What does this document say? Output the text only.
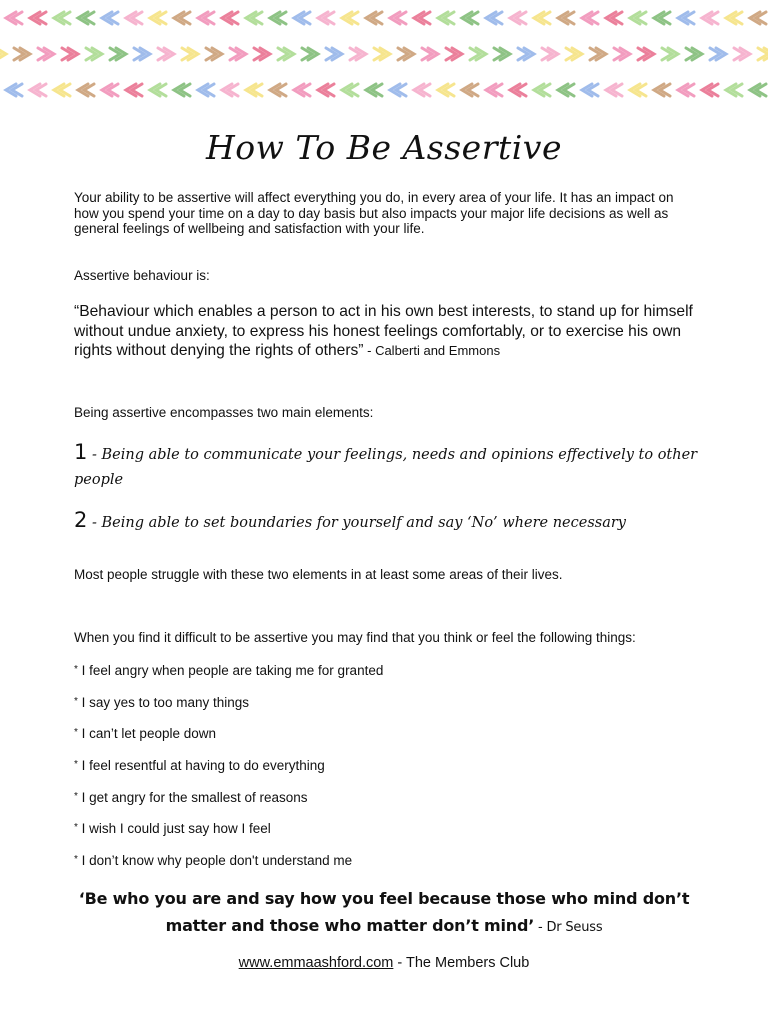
How To Be Assertive
Your ability to be assertive will affect everything you do, in every area of your life. It has an impact on how you spend your time on a day to day basis but also impacts your major life decisions as well as general feelings of wellbeing and satisfaction with your life.
Assertive behaviour is:
“Behaviour which enables a person to act in his own best interests, to stand up for himself without undue anxiety, to express his honest feelings comfortably, or to exercise his own rights without denying the rights of others” - Calberti and Emmons
Being assertive encompasses two main elements:
1 - Being able to communicate your feelings, needs and opinions effectively to other people
2 - Being able to set boundaries for yourself and say ‘No’ where necessary
Most people struggle with these two elements in at least some areas of their lives.
When you find it difficult to be assertive you may find that you think or feel the following things:
* I feel angry when people are taking me for granted
* I say yes to too many things
* I can’t let people down
* I feel resentful at having to do everything
* I get angry for the smallest of reasons
* I wish I could just say how I feel
* I don’t know why people don't understand me
‘Be who you are and say how you feel because those who mind don’t matter and those who matter don’t mind’ - Dr Seuss
www.emmaashford.com - The Members Club
